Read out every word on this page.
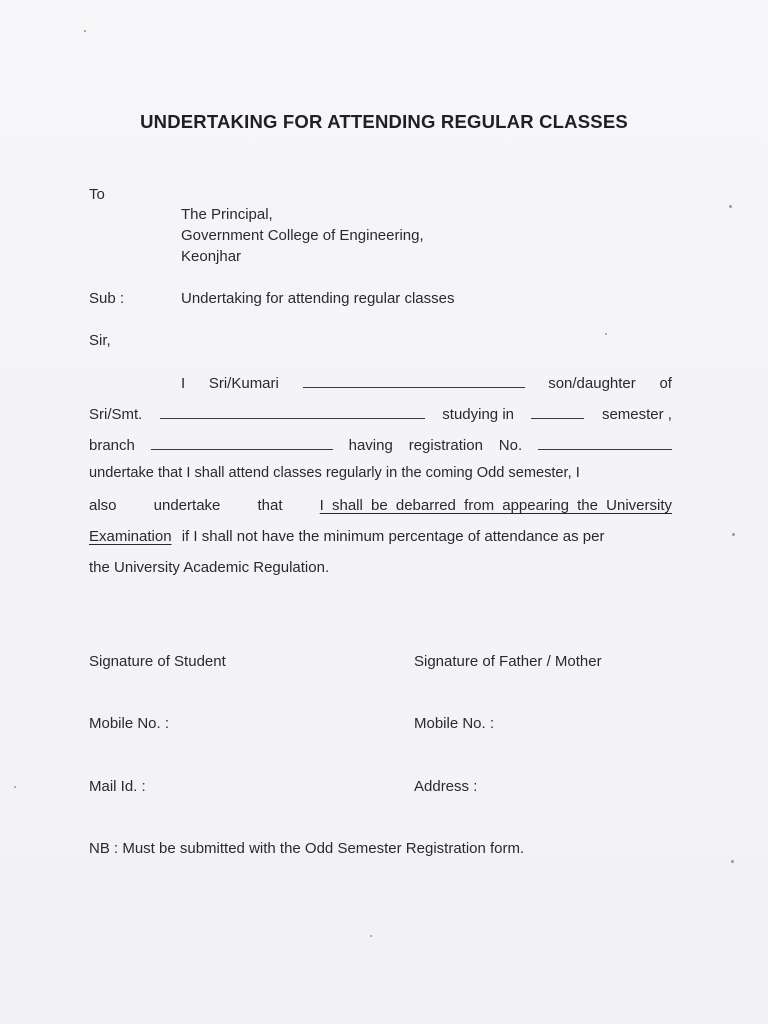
UNDERTAKING FOR ATTENDING REGULAR CLASSES
To
The Principal,
Government College of Engineering,
Keonjhar
Sub :	Undertaking for attending regular classes
Sir,
I Sri/Kumari	son/daughter of
Sri/Smt.	studying in	semester ,
branch	having registration No.
undertake that I shall attend classes regularly in the coming Odd semester, I
also undertake that I shall be debarred from appearing the University
Examination if I shall not have the minimum percentage of attendance as per
the University Academic Regulation.
Signature of Student	Signature of Father / Mother
Mobile No. :	Mobile No. :
Mail Id. :	Address :
NB : Must be submitted with the Odd Semester Registration form.
